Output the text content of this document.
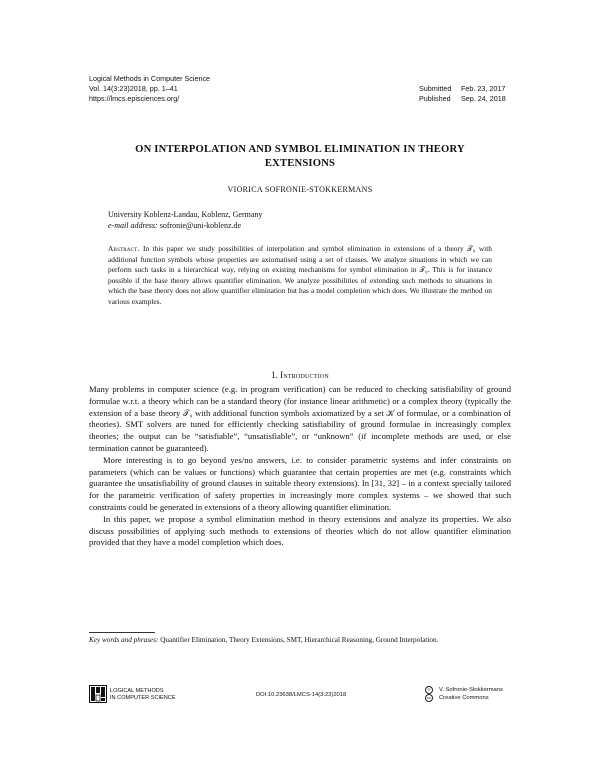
Logical Methods in Computer Science
Vol. 14(3:23)2018, pp. 1–41
https://lmcs.episciences.org/
Submitted	Feb. 23, 2017
Published	Sep. 24, 2018
ON INTERPOLATION AND SYMBOL ELIMINATION IN THEORY
EXTENSIONS
VIORICA SOFRONIE-STOKKERMANS
University Koblenz-Landau, Koblenz, Germany
e-mail address: sofronie@uni-koblenz.de
Abstract. In this paper we study possibilities of interpolation and symbol elimination in extensions of a theory 𝒯₀ with additional function symbols whose properties are axiomatised using a set of clauses. We analyze situations in which we can perform such tasks in a hierarchical way, relying on existing mechanisms for symbol elimination in 𝒯₀. This is for instance possible if the base theory allows quantifier elimination. We analyze possibilities of extending such methods to situations in which the base theory does not allow quantifier elimination but has a model completion which does. We illustrate the method on various examples.
1. Introduction

Many problems in computer science (e.g. in program verification) can be reduced to checking satisfiability of ground formulae w.r.t. a theory which can be a standard theory (for instance linear arithmetic) or a complex theory (typically the extension of a base theory 𝒯₀ with additional function symbols axiomatized by a set 𝒦 of formulae, or a combination of theories). SMT solvers are tuned for efficiently checking satisfiability of ground formulae in increasingly complex theories; the output can be “satisfiable”, “unsatisfiable”, or “unknown” (if incomplete methods are used, or else termination cannot be guaranteed).

More interesting is to go beyond yes/no answers, i.e. to consider parametric systems and infer constraints on parameters (which can be values or functions) which guarantee that certain properties are met (e.g. constraints which guarantee the unsatisfiability of ground clauses in suitable theory extensions). In [31, 32] – in a context specially tailored for the parametric verification of safety properties in increasingly more complex systems – we showed that such constraints could be generated in extensions of a theory allowing quantifier elimination.

In this paper, we propose a symbol elimination method in theory extensions and analyze its properties. We also discuss possibilities of applying such methods to extensions of theories which do not allow quantifier elimination provided that they have a model completion which does.

Key words and phrases: Quantifier Elimination, Theory Extensions, SMT, Hierarchical Reasoning, Ground Interpolation.
LOGICAL METHODS
IN COMPUTER SCIENCE	DOI:10.23638/LMCS-14(3:23)2018
©	V. Sofronie-Stokkermans
cc	Creative Commons
